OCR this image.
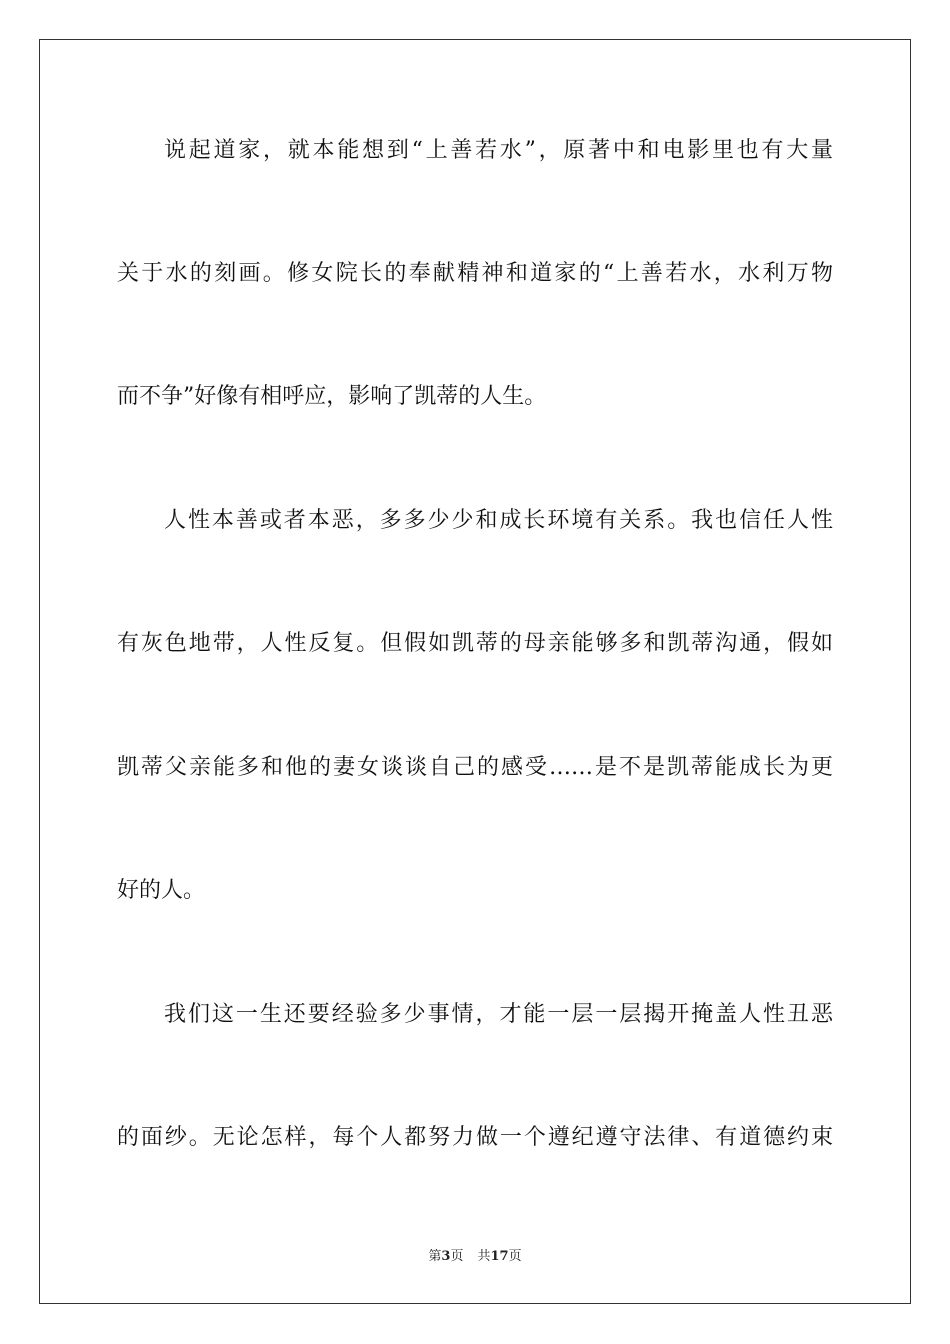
说起道家，就本能想到“上善若水”，原著中和电影里也有大量
关于水的刻画。修女院长的奉献精神和道家的“上善若水，水利万物
而不争”好像有相呼应，影响了凯蒂的人生。
人性本善或者本恶，多多少少和成长环境有关系。我也信任人性
有灰色地带，人性反复。但假如凯蒂的母亲能够多和凯蒂沟通，假如
凯蒂父亲能多和他的妻女谈谈自己的感受……是不是凯蒂能成长为更
好的人。
我们这一生还要经验多少事情，才能一层一层揭开掩盖人性丑恶
的面纱。无论怎样，每个人都努力做一个遵纪遵守法律、有道德约束
第3页 共17页
